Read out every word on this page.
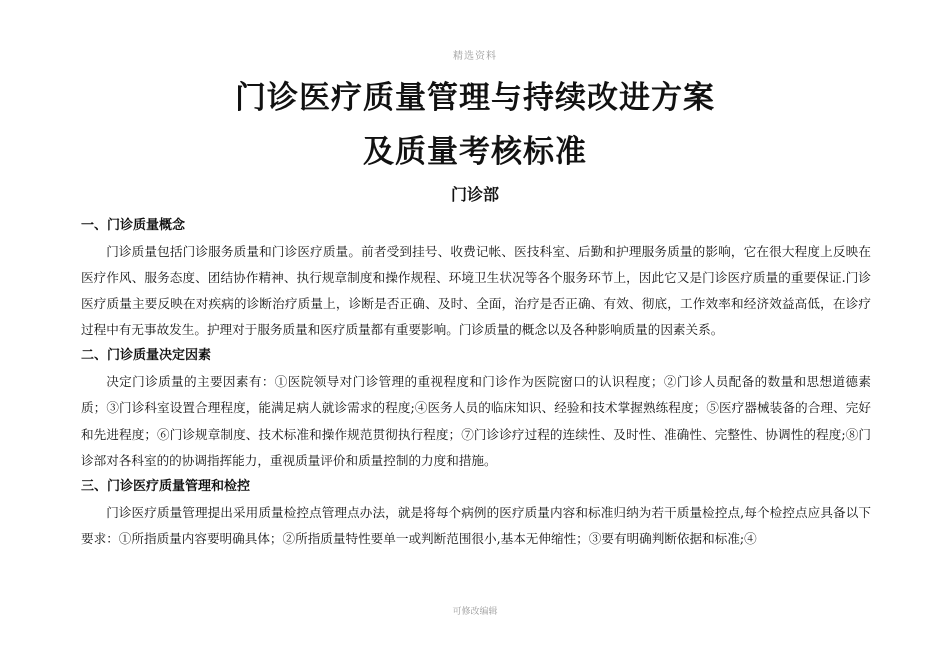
精选资料
门诊医疗质量管理与持续改进方案
及质量考核标准
门诊部

一、门诊质量概念

门诊质量包括门诊服务质量和门诊医疗质量。前者受到挂号、收费记帐、医技科室、后勤和护理服务质量的影响，它在很大程度上反映在医疗作风、服务态度、团结协作精神、执行规章制度和操作规程、环境卫生状况等各个服务环节上，因此它又是门诊医疗质量的重要保证.门诊医疗质量主要反映在对疾病的诊断治疗质量上，诊断是否正确、及时、全面，治疗是否正确、有效、彻底，工作效率和经济效益高低，在诊疗过程中有无事故发生。护理对于服务质量和医疗质量都有重要影响。门诊质量的概念以及各种影响质量的因素关系。

二、门诊质量决定因素

决定门诊质量的主要因素有：①医院领导对门诊管理的重视程度和门诊作为医院窗口的认识程度；②门诊人员配备的数量和思想道德素质；③门诊科室设置合理程度，能满足病人就诊需求的程度;④医务人员的临床知识、经验和技术掌握熟练程度；⑤医疗器械装备的合理、完好和先进程度；⑥门诊规章制度、技术标准和操作规范贯彻执行程度；⑦门诊诊疗过程的连续性、及时性、准确性、完整性、协调性的程度;⑧门诊部对各科室的的协调指挥能力，重视质量评价和质量控制的力度和措施。

三、门诊医疗质量管理和检控

门诊医疗质量管理提出采用质量检控点管理点办法，就是将每个病例的医疗质量内容和标准归纳为若干质量检控点,每个检控点应具备以下要求：①所指质量内容要明确具体；②所指质量特性要单一或判断范围很小,基本无伸缩性；③要有明确判断依据和标准;④

可修改编辑
